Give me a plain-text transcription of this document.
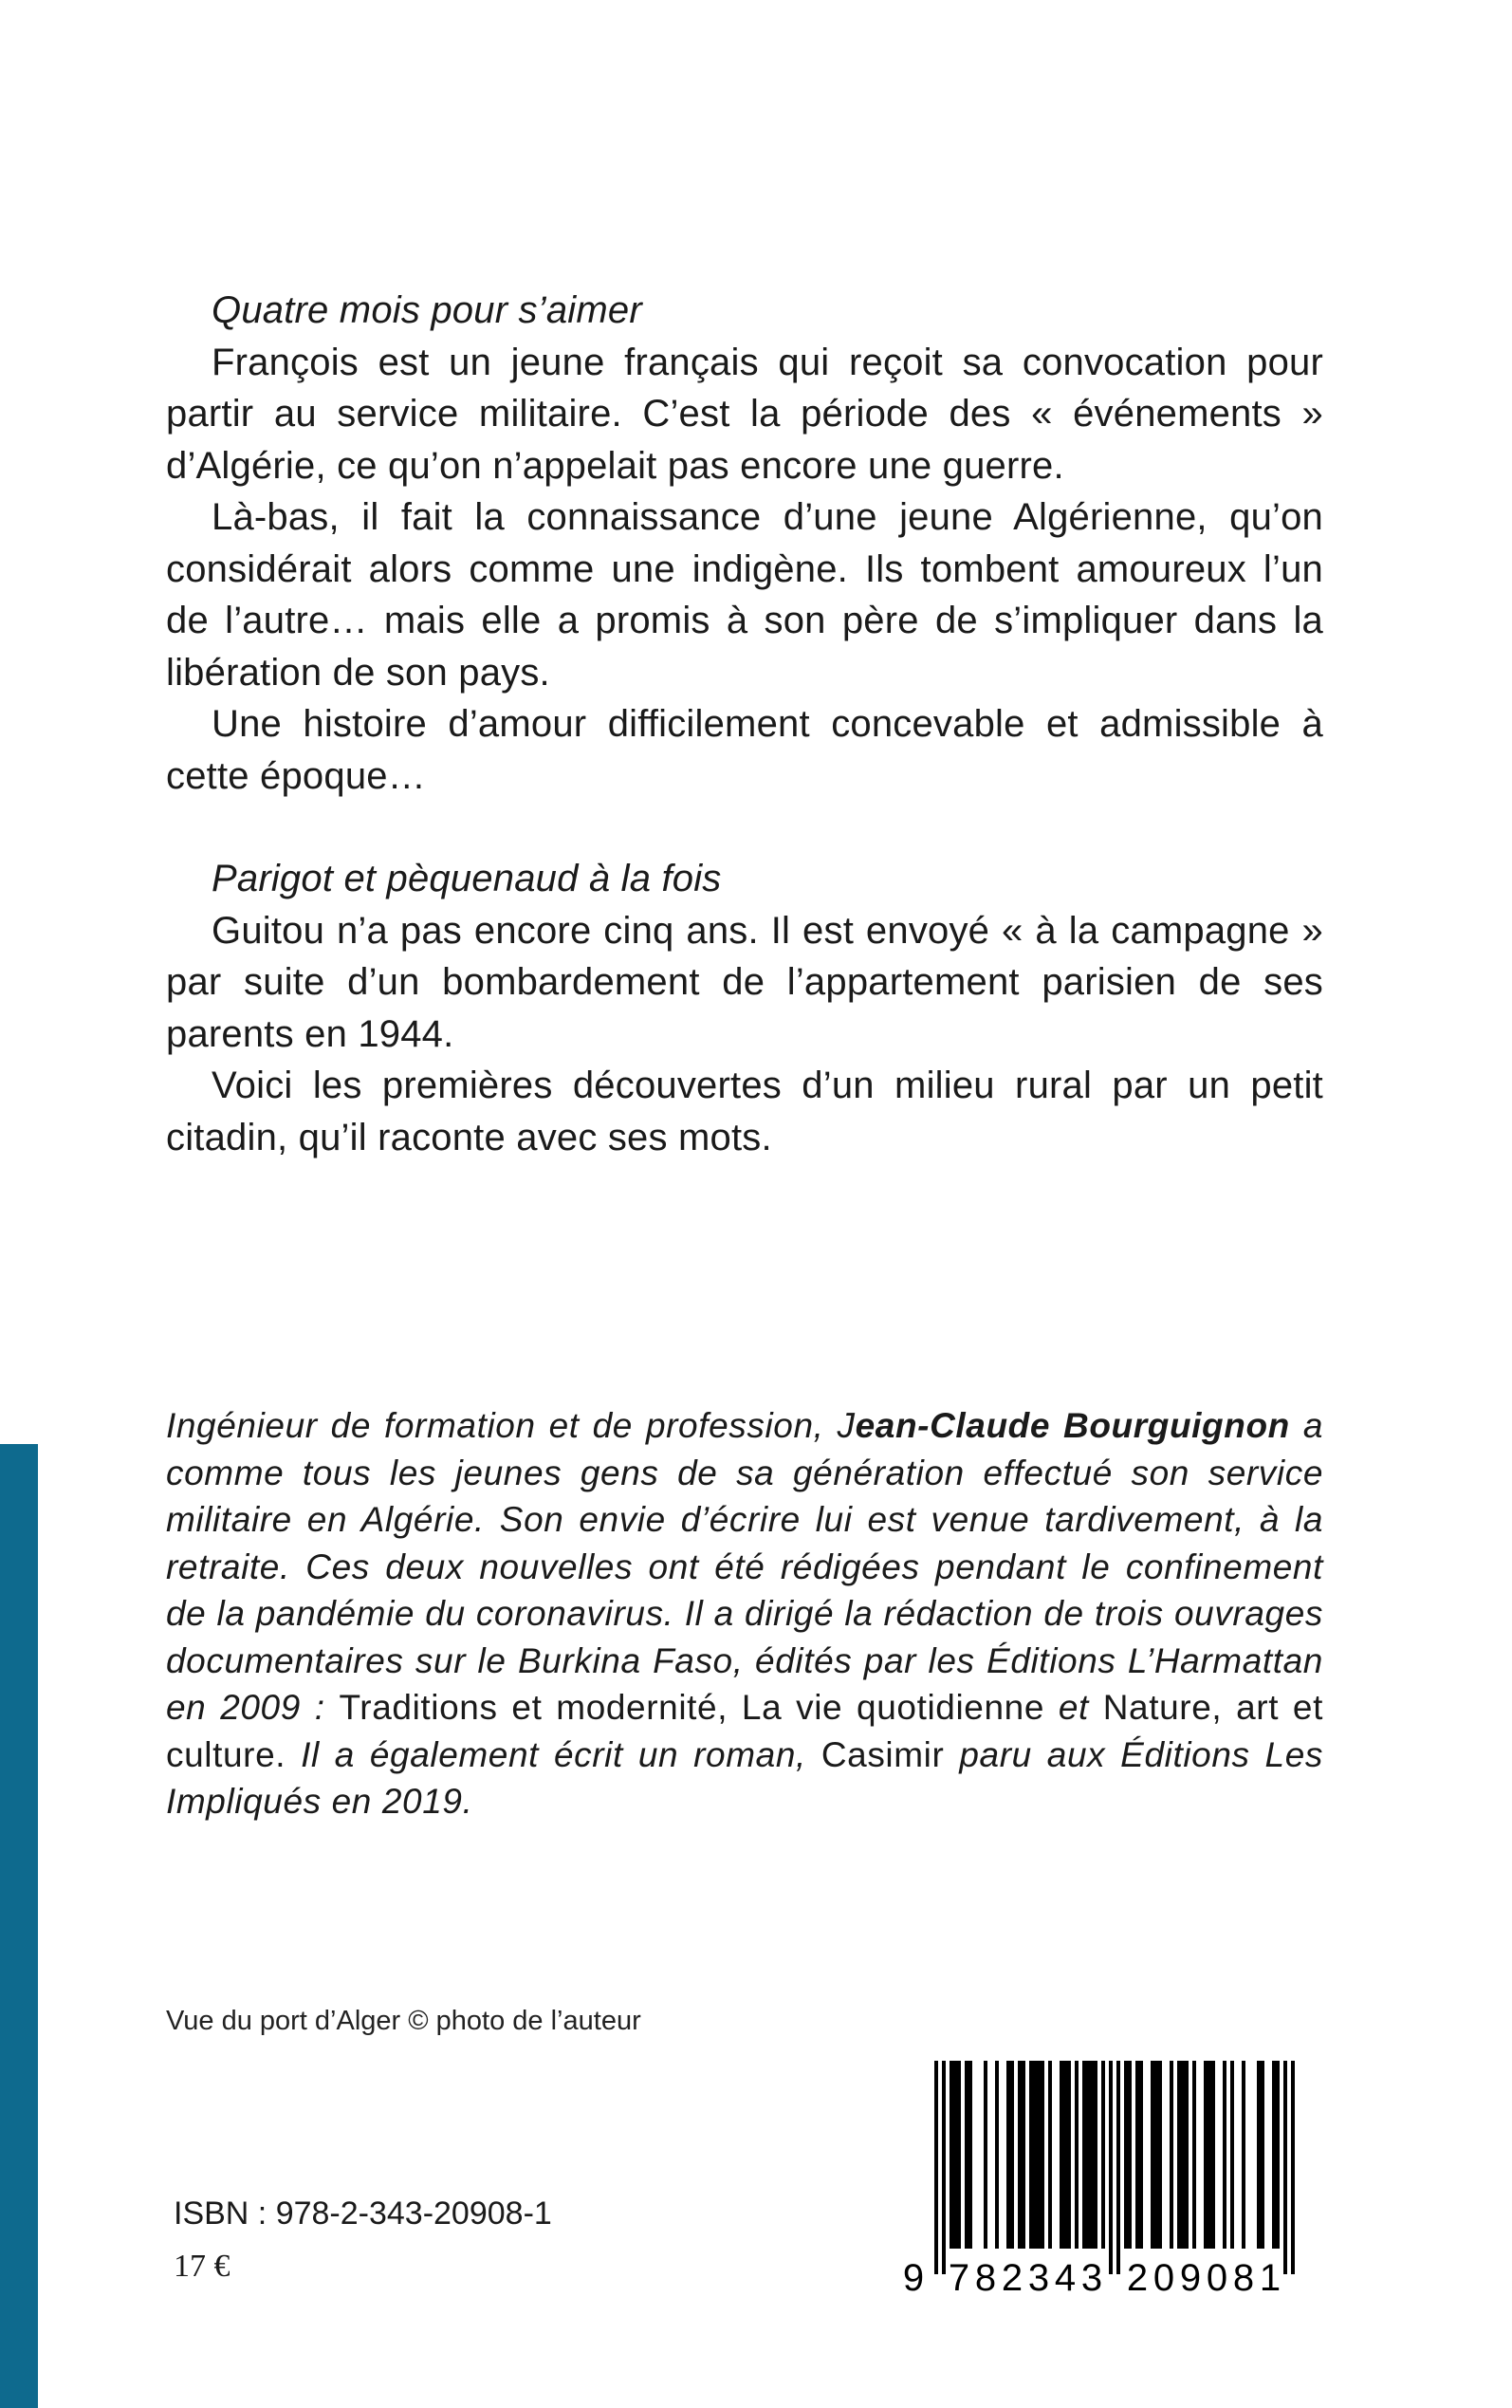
Quatre mois pour s’aimer

François est un jeune français qui reçoit sa convocation pour partir au service militaire. C’est la période des « événements » d’Algérie, ce qu’on n’appelait pas encore une guerre.

Là-bas, il fait la connaissance d’une jeune Algérienne, qu’on considérait alors comme une indigène. Ils tombent amoureux l’un de l’autre… mais elle a promis à son père de s’impliquer dans la libération de son pays.

Une histoire d’amour difficilement concevable et admissible à cette époque…

Parigot et pèquenaud à la fois

Guitou n’a pas encore cinq ans. Il est envoyé « à la campagne » par suite d’un bombardement de l’appartement parisien de ses parents en 1944.

Voici les premières découvertes d’un milieu rural par un petit citadin, qu’il raconte avec ses mots.

Ingénieur de formation et de profession, Jean-Claude Bourguignon a comme tous les jeunes gens de sa génération effectué son service militaire en Algérie. Son envie d’écrire lui est venue tardivement, à la retraite. Ces deux nouvelles ont été rédigées pendant le confinement de la pandémie du coronavirus. Il a dirigé la rédaction de trois ouvrages documentaires sur le Burkina Faso, édités par les Éditions L’Harmattan en 2009 : Traditions et modernité, La vie quotidienne et Nature, art et culture. Il a également écrit un roman, Casimir paru aux Éditions Les Impliqués en 2019.
Vue du port d’Alger © photo de l’auteur
ISBN : 978-2-343-20908-1
17 €	9 7 8 2 3 4 3 2 0 9 0 8 1
